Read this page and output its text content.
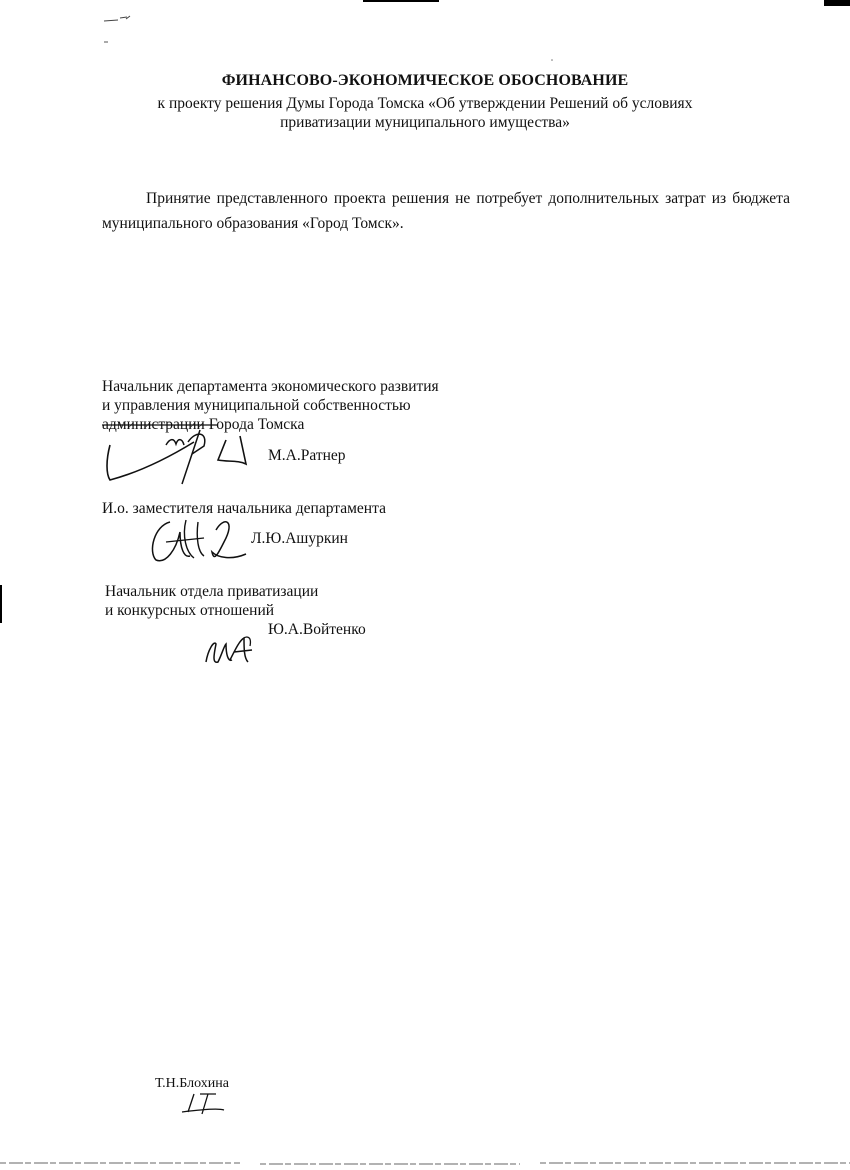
ФИНАНСОВО-ЭКОНОМИЧЕСКОЕ ОБОСНОВАНИЕ
к проекту решения Думы Города Томска «Об утверждении Решений об условиях
приватизации муниципального имущества»
Принятие представленного проекта решения не потребует дополнительных затрат из бюджета муниципального образования «Город Томск».
Начальник департамента экономического развития
и управления муниципальной собственностью
администрации Города Томска
М.А.Ратнер
И.о. заместителя начальника департамента
Л.Ю.Ашуркин
Начальник отдела приватизации
и конкурсных отношений
Ю.А.Войтенко
Т.Н.Блохина
